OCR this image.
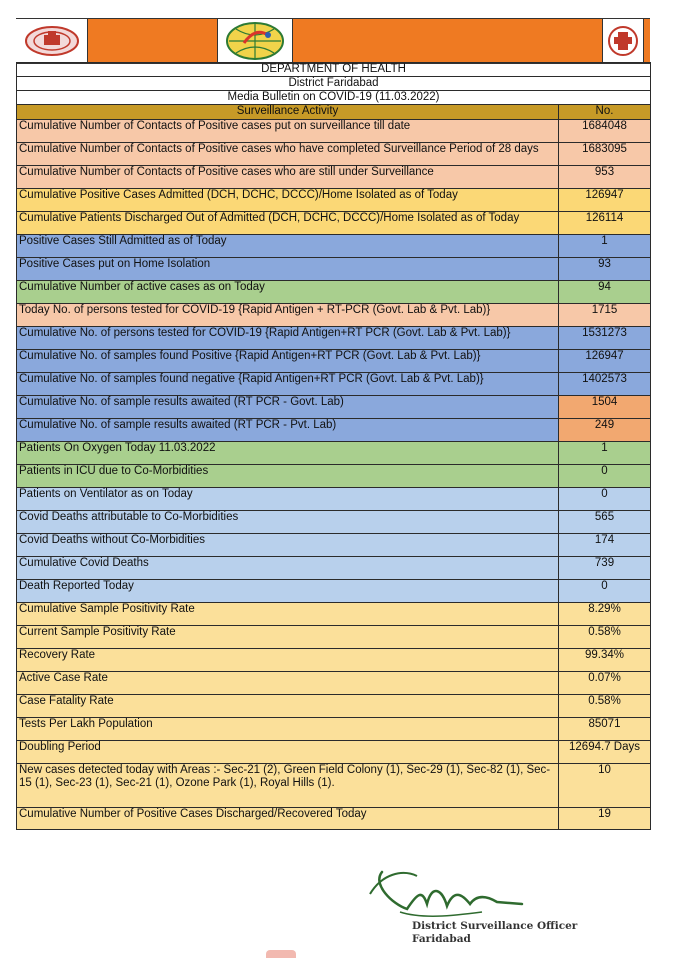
DEPARTMENT OF HEALTH	
District Faridabad	
Media Bulletin on COVID-19 (11.03.2022)	
Surveillance Activity	No.
Cumulative Number of Contacts of Positive cases put on surveillance till date	1684048
Cumulative Number of Contacts of Positive cases who have completed Surveillance Period of 28 days	1683095
Cumulative Number of Contacts of Positive cases who are still under Surveillance	953
Cumulative Positive Cases Admitted (DCH, DCHC, DCCC)/Home Isolated as of Today	126947
Cumulative Patients Discharged Out of Admitted (DCH, DCHC, DCCC)/Home Isolated as of Today	126114
Positive Cases Still Admitted as of Today	1
Positive Cases put on Home Isolation	93
Cumulative Number of active cases as on Today	94
Today No. of persons tested for COVID-19 {Rapid Antigen + RT-PCR (Govt. Lab & Pvt. Lab)}	1715
Cumulative No. of persons tested for COVID-19 {Rapid Antigen+RT PCR (Govt. Lab & Pvt. Lab)}	1531273
Cumulative No. of samples found Positive {Rapid Antigen+RT PCR (Govt. Lab & Pvt. Lab)}	126947
Cumulative No. of samples found negative {Rapid Antigen+RT PCR (Govt. Lab & Pvt. Lab)}	1402573
Cumulative No. of sample results awaited (RT PCR - Govt. Lab)	1504
Cumulative No. of sample results awaited (RT PCR - Pvt. Lab)	249
Patients On Oxygen Today 11.03.2022	1
Patients in ICU due to Co-Morbidities	0
Patients on Ventilator as on Today	0
Covid Deaths attributable to Co-Morbidities	565
Covid Deaths without Co-Morbidities	174
Cumulative Covid Deaths	739
Death Reported Today	0
Cumulative Sample Positivity Rate	8.29%
Current Sample Positivity Rate	0.58%
Recovery Rate	99.34%
Active Case Rate	0.07%
Case Fatality Rate	0.58%
Tests Per Lakh Population	85071
Doubling Period	12694.7 Days
New cases detected today with Areas :- Sec-21 (2), Green Field Colony (1), Sec-29 (1), Sec-82 (1), Sec-15 (1), Sec-23 (1), Sec-21 (1), Ozone Park (1), Royal Hills (1).	10
Cumulative Number of Positive Cases Discharged/Recovered Today	19
District Surveillance Officer
Faridabad
